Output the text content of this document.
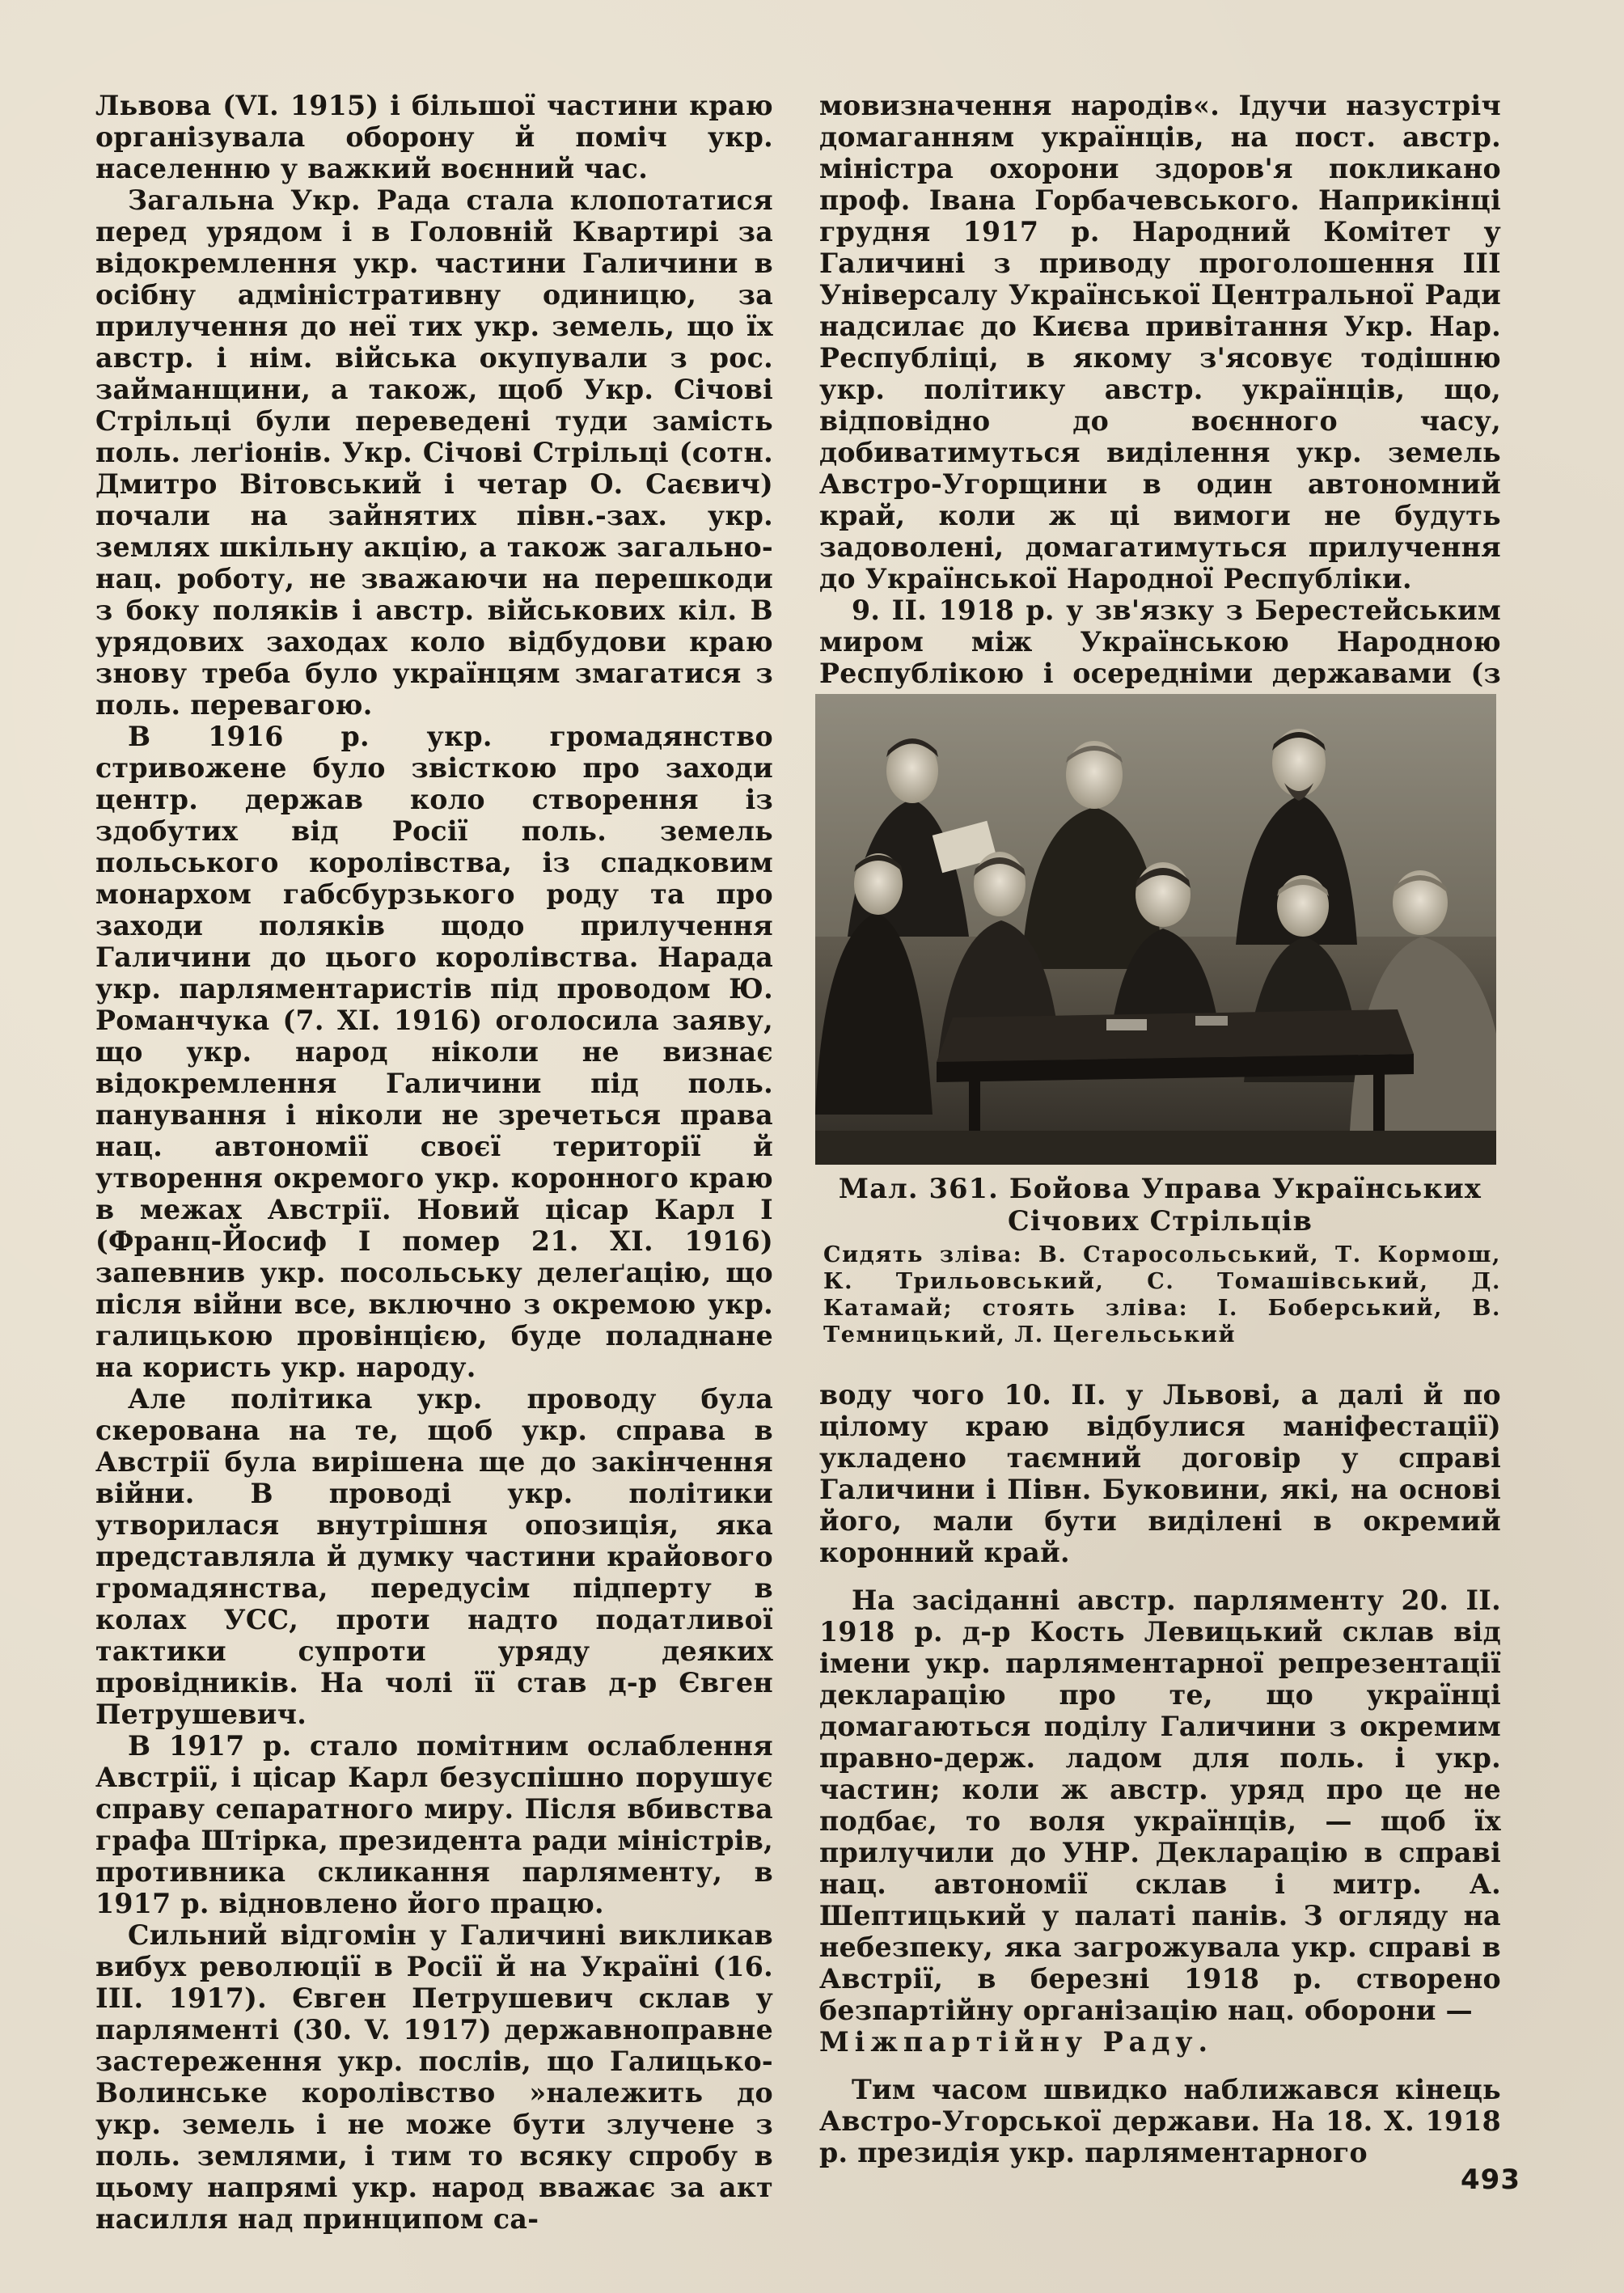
Львова (VI. 1915) і більшої частини краю організувала оборону й поміч укр. населенню у важкий воєнний час.

Загальна Укр. Рада стала клопотатися перед урядом і в Головній Квартирі за відокремлення укр. частини Галичини в осібну адміністративну одиницю, за прилучення до неї тих укр. земель, що їх австр. і нім. війська окупували з рос. займанщини, а також, щоб Укр. Січові Стрільці були переведені туди замість поль. леґіонів. Укр. Січові Стрільці (сотн. Дмитро Вітовський і четар О. Саєвич) почали на зайнятих півн.-зах. укр. землях шкільну акцію, а також загально-нац. роботу, не зважаючи на перешкоди з боку поляків і австр. військових кіл. В урядових заходах коло відбудови краю знову треба було українцям змагатися з поль. перевагою.

В 1916 р. укр. громадянство стривожене було звісткою про заходи центр. держав коло створення із здобутих від Росії поль. земель польського королівства, із спадковим монархом габсбурзького роду та про заходи поляків щодо прилучення Галичини до цього королівства. Нарада укр. парляментаристів під проводом Ю. Романчука (7. XI. 1916) оголосила заяву, що укр. народ ніколи не визнає відокремлення Галичини під поль. панування і ніколи не зречеться права нац. автономії своєї території й утворення окремого укр. коронного краю в межах Австрії. Новий цісар Карл I (Франц-Йосиф I помер 21. XI. 1916) запевнив укр. посольську делеґацію, що після війни все, включно з окремою укр. галицькою провінцією, буде поладнане на користь укр. народу.

Але політика укр. проводу була скерована на те, щоб укр. справа в Австрії була вирішена ще до закінчення війни. В проводі укр. політики утворилася внутрішня опозиція, яка представляла й думку частини крайового громадянства, передусім підперту в колах УСС, проти надто податливої тактики супроти уряду деяких провідників. На чолі її став д-р Євген Петрушевич.

В 1917 р. стало помітним ослаблення Австрії, і цісар Карл безуспішно порушує справу сепаратного миру. Після вбивства графа Штірка, президента ради міністрів, противника скликання парляменту, в 1917 р. відновлено його працю.

Сильний відгомін у Галичині викликав вибух революції в Росії й на Україні (16. III. 1917). Євген Петрушевич склав у парляменті (30. V. 1917) державноправне застереження укр. послів, що Галицько-Волинське королівство »належить до укр. земель і не може бути злучене з поль. землями, і тим то всяку спробу в цьому напрямі укр. народ вважає за акт насилля над принципом са-

мовизначення народів«. Ідучи назустріч домаганням українців, на пост. австр. міністра охорони здоров'я покликано проф. Івана Горбачевського. Наприкінці грудня 1917 р. Народний Комітет у Галичині з приводу проголошення III Універсалу Української Центральної Ради надсилає до Києва привітання Укр. Нар. Республіці, в якому з'ясовує тодішню укр. політику австр. українців, що, відповідно до воєнного часу, добиватимуться виділення укр. земель Австро-Угорщини в один автономний край, коли ж ці вимоги не будуть задоволені, домагатимуться прилучення до Української Народної Республіки.

9. II. 1918 р. у зв'язку з Берестейським миром між Українською Народною Республікою і осередніми державами (з

Мал. 361. Бойова Управа Українських Січових Стрільців
Сидять зліва: В. Старосольський, Т. Кормош, К. Трильовський, С. Томашівський, Д. Катамай; стоять зліва: І. Боберський, В. Темницький, Л. Цегельський

воду чого 10. II. у Львові, а далі й по цілому краю відбулися маніфестації) укладено таємний договір у справі Галичини і Півн. Буковини, які, на основі його, мали бути виділені в окремий коронний край.

На засіданні австр. парляменту 20. II. 1918 р. д-р Кость Левицький склав від імени укр. парляментарної репрезентації декларацію про те, що українці домагаються поділу Галичини з окремим правно-держ. ладом для поль. і укр. частин; коли ж австр. уряд про це не подбає, то воля українців, — щоб їх прилучили до УНР. Декларацію в справі нац. автономії склав і митр. А. Шептицький у палаті панів. З огляду на небезпеку, яка загрожувала укр. справі в Австрії, в березні 1918 р. створено безпартійну організацію нац. оборони —

Міжпартійну Раду.

Тим часом швидко наближався кінець Австро-Угорської держави. На 18. X. 1918 р. президія укр. парляментарного

493
